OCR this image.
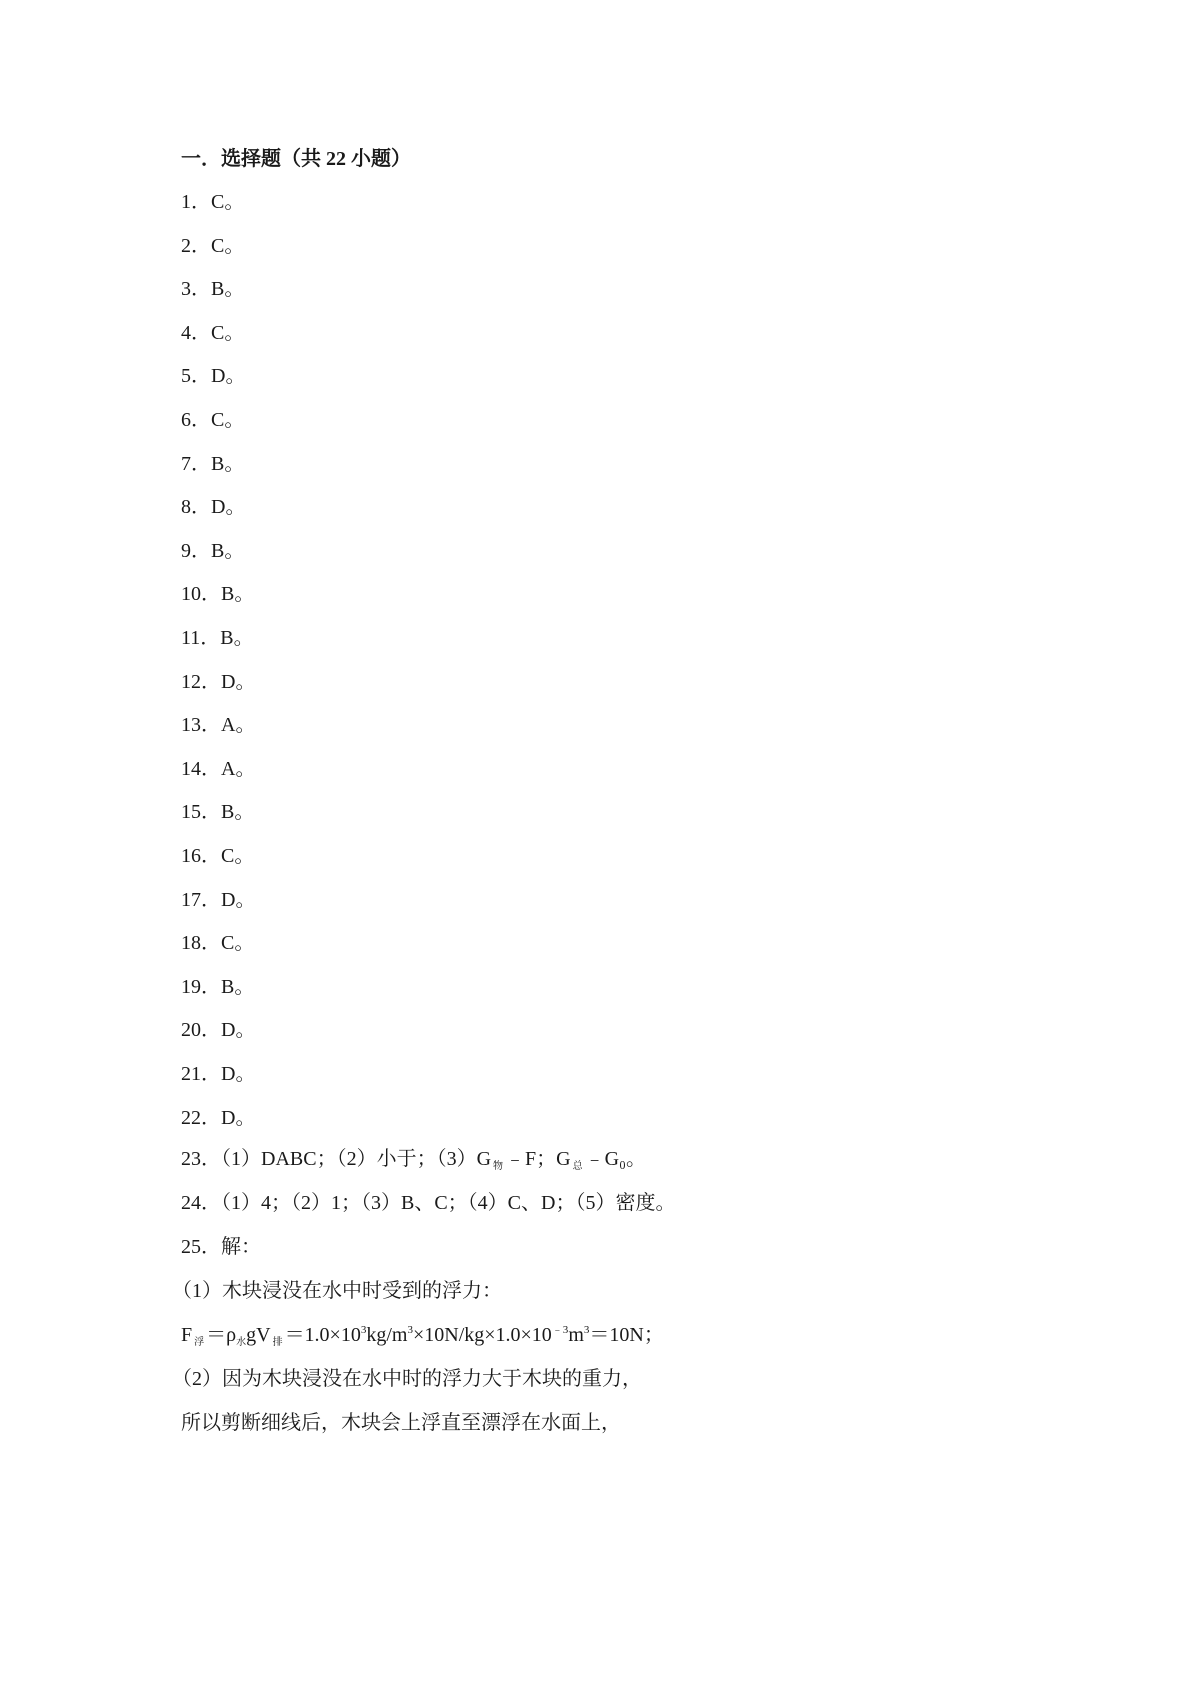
一．选择题（共 22 小题）
1．C。
2．C。
3．B。
4．C。
5．D。
6．C。
7．B。
8．D。
9．B。
10．B。
11．B。
12．D。
13．A。
14．A。
15．B。
16．C。
17．D。
18．C。
19．B。
20．D。
21．D。
22．D。
23．（1）DABC；（2）小于；（3）G $_物$ ﹣F；G $_总$ ﹣G₀。
24．（1）4；（2）1；（3）B、C；（4）C、D；（5）密度。
25．解：
（1）木块浸没在水中时受到的浮力：
F $_浮 =\rho_水gV$ $_排 =1.0\times 10^3kg/m^3\times 10N/kg\times 1.0\times 10^{﹣3}m^3=10N$；
（2）因为木块浸没在水中时的浮力大于木块的重力，
所以剪断细线后，木块会上浮直至漂浮在水面上，
